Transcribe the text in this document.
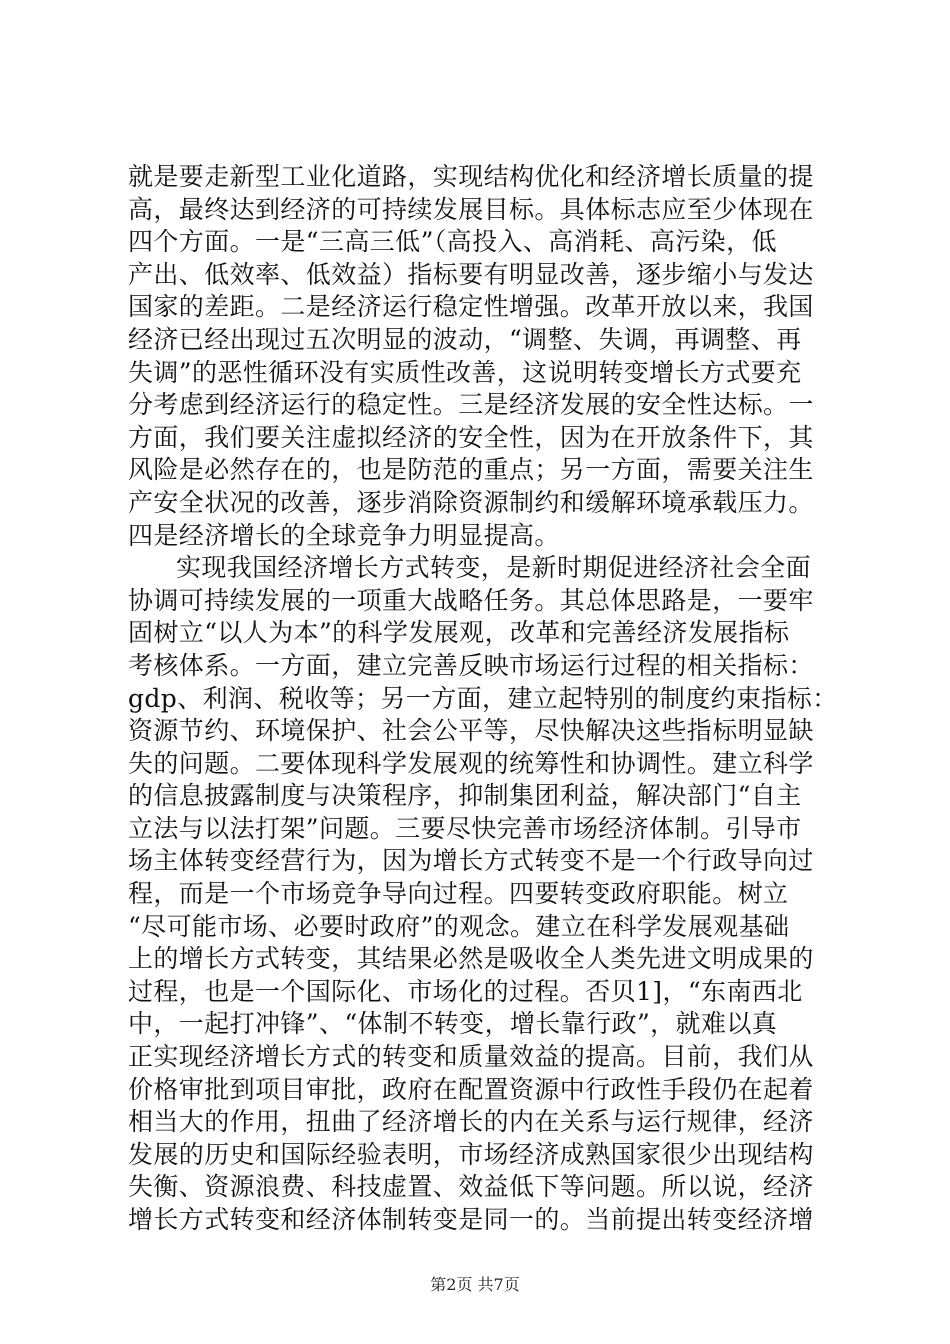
就是要走新型工业化道路，实现结构优化和经济增长质量的提
高，最终达到经济的可持续发展目标。具体标志应至少体现在
四个方面。一是“三高三低”（高投入、高消耗、高污染，低
产出、低效率、低效益）指标要有明显改善，逐步缩小与发达
国家的差距。二是经济运行稳定性增强。改革开放以来，我国
经济已经出现过五次明显的波动，“调整、失调，再调整、再
失调”的恶性循环没有实质性改善，这说明转变增长方式要充
分考虑到经济运行的稳定性。三是经济发展的安全性达标。一
方面，我们要关注虚拟经济的安全性，因为在开放条件下，其
风险是必然存在的，也是防范的重点；另一方面，需要关注生
产安全状况的改善，逐步消除资源制约和缓解环境承载压力。
四是经济增长的全球竞争力明显提高。
实现我国经济增长方式转变，是新时期促进经济社会全面
协调可持续发展的一项重大战略任务。其总体思路是，一要牢
固树立“以人为本”的科学发展观，改革和完善经济发展指标
考核体系。一方面，建立完善反映市场运行过程的相关指标：
gdp、利润、税收等；另一方面，建立起特别的制度约束指标：
资源节约、环境保护、社会公平等，尽快解决这些指标明显缺
失的问题。二要体现科学发展观的统筹性和协调性。建立科学
的信息披露制度与决策程序，抑制集团利益，解决部门“自主
立法与以法打架”问题。三要尽快完善市场经济体制。引导市
场主体转变经营行为，因为增长方式转变不是一个行政导向过
程，而是一个市场竞争导向过程。四要转变政府职能。树立
“尽可能市场、必要时政府”的观念。建立在科学发展观基础
上的增长方式转变，其结果必然是吸收全人类先进文明成果的
过程，也是一个国际化、市场化的过程。否贝1]，“东南西北
中，一起打冲锋”、“体制不转变，增长靠行政”，就难以真
正实现经济增长方式的转变和质量效益的提高。目前，我们从
价格审批到项目审批，政府在配置资源中行政性手段仍在起着
相当大的作用，扭曲了经济增长的内在关系与运行规律，经济
发展的历史和国际经验表明，市场经济成熟国家很少出现结构
失衡、资源浪费、科技虚置、效益低下等问题。所以说，经济
增长方式转变和经济体制转变是同一的。当前提出转变经济增
第2页 共7页
